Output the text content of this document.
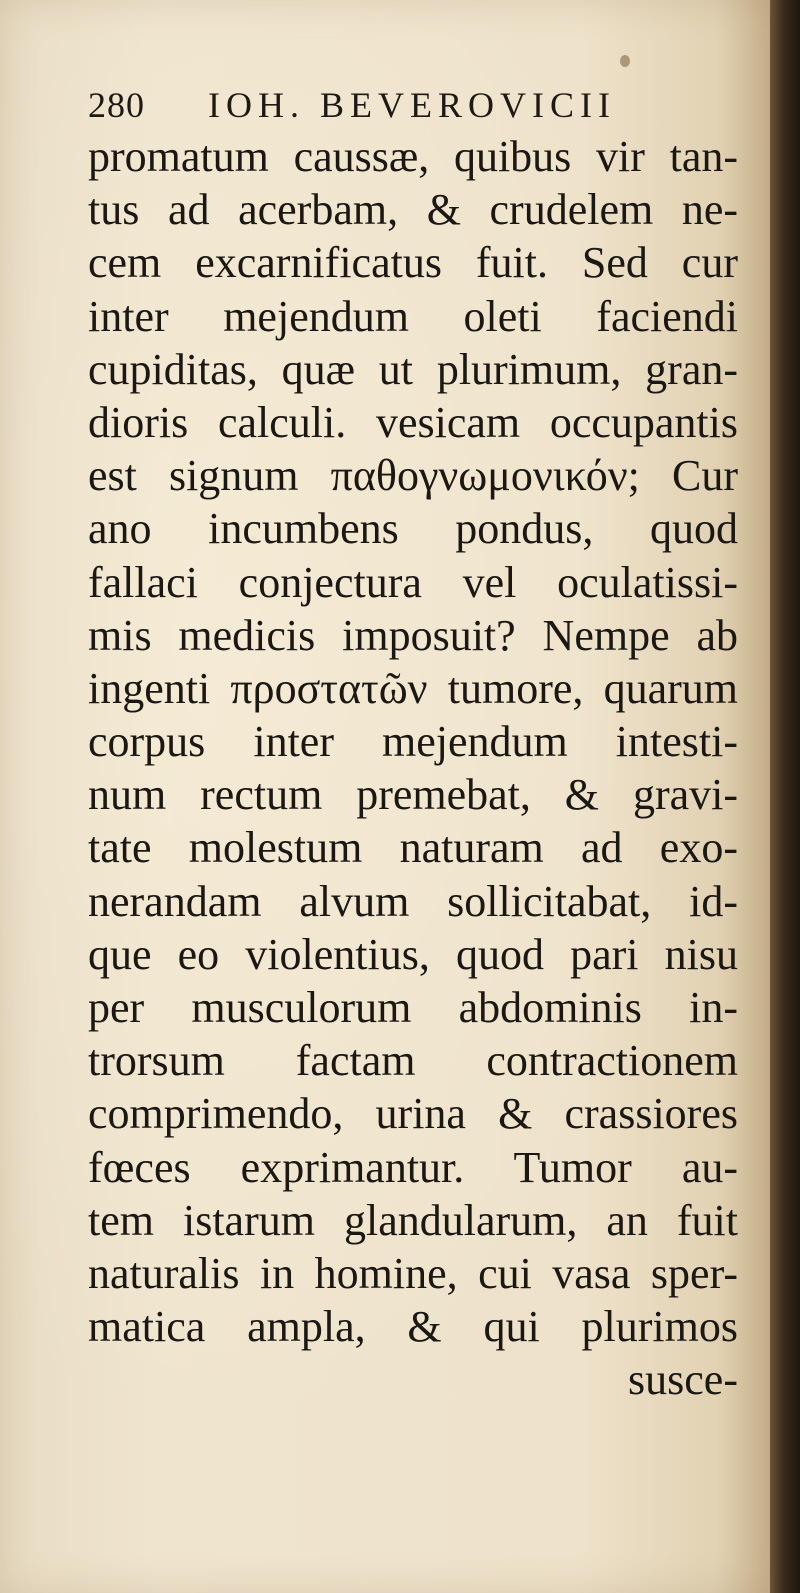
280 IOH. BEVEROVICII
promatum caussæ, quibus vir tan-
tus ad acerbam, & crudelem ne-
cem excarnificatus fuit. Sed cur
inter mejendum oleti faciendi
cupiditas, quæ ut plurimum, gran-
dioris calculi. vesicam occupantis
est signum παθογνωμονικόν; Cur
ano incumbens pondus, quod
fallaci conjectura vel oculatissi-
mis medicis imposuit? Nempe ab
ingenti προστατῶν tumore, quarum
corpus inter mejendum intesti-
num rectum premebat, & gravi-
tate molestum naturam ad exo-
nerandam alvum sollicitabat, id-
que eo violentius, quod pari nisu
per musculorum abdominis in-
trorsum factam contractionem
comprimendo, urina & crassiores
fœces exprimantur. Tumor au-
tem istarum glandularum, an fuit
naturalis in homine, cui vasa sper-
matica ampla, & qui plurimos
susce-
